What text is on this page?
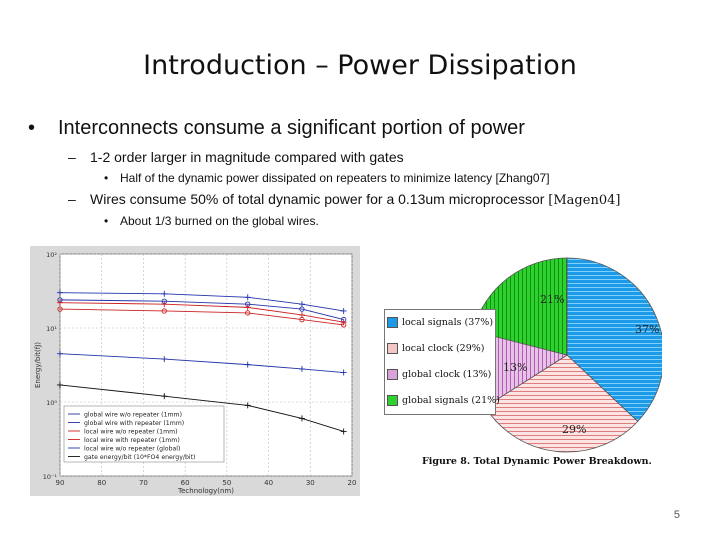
Introduction – Power Dissipation
• Interconnects consume a significant portion of power
– 1-2 order larger in magnitude compared with gates
• Half of the dynamic power dissipated on repeaters to minimize latency [Zhang07]
– Wires consume 50% of total dynamic power for a 0.13um microprocessor [Magen04]
• About 1/3 burned on the global wires.
90	80	70	60	50	40	30	20
10⁻¹
10⁰
10¹
10²
global wire w/o repeater (1mm)
global wire with repeater (1mm)
local wire w/o repeater (1mm)
local wire with repeater (1mm)
local wire w/o repeater (global)
gate energy/bit (10*FO4 energy/bit)
Technology(nm)
Energy/bit(fJ)
21%
37%
13%
29%
local signals (37%)
local clock (29%)
global clock (13%)
global signals (21%)
Figure 8. Total Dynamic Power Breakdown.
5
